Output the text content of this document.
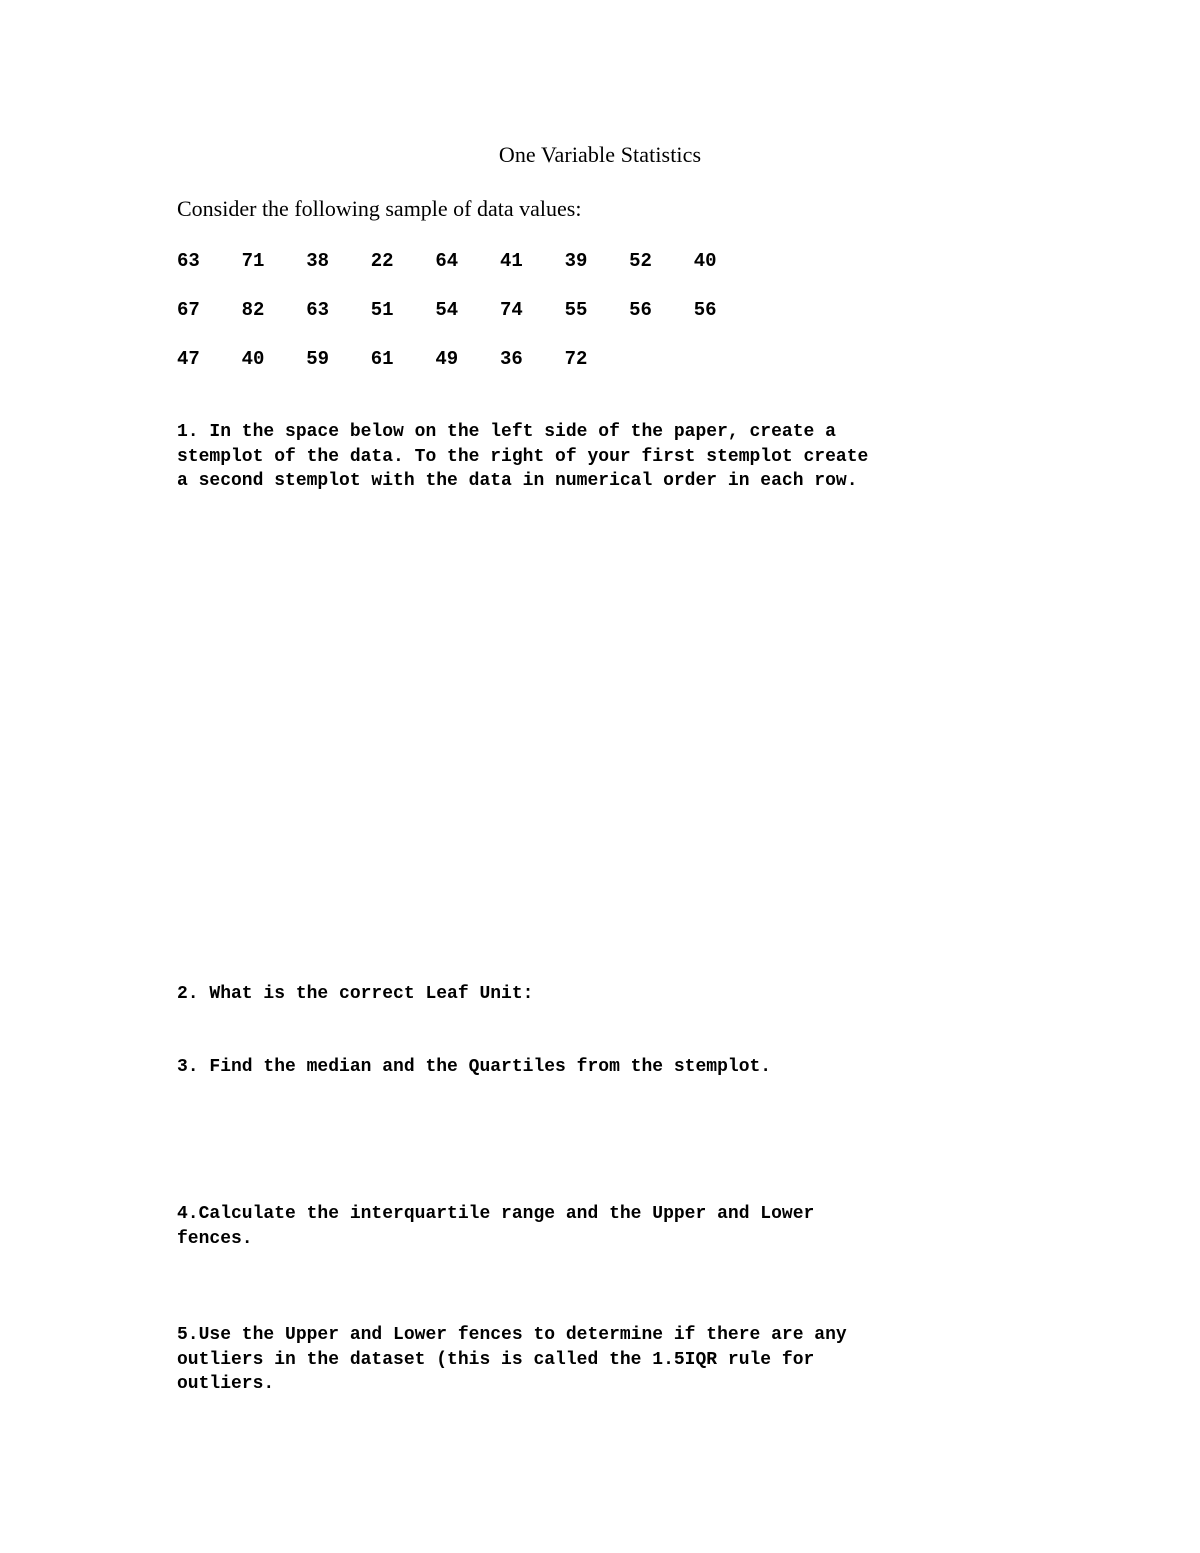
One Variable Statistics
Consider the following sample of data values:
63	71	38	22	64	41	39	52	40
67	82	63	51	54	74	55	56	56
47	40	59	61	49	36	72
1. In the space below on the left side of the paper, create a
stemplot of the data. To the right of your first stemplot create
a second stemplot with the data in numerical order in each row.
2. What is the correct Leaf Unit:
3. Find the median and the Quartiles from the stemplot.
4.Calculate the interquartile range and the Upper and Lower
fences.
5.Use the Upper and Lower fences to determine if there are any
outliers in the dataset (this is called the 1.5IQR rule for
outliers.
